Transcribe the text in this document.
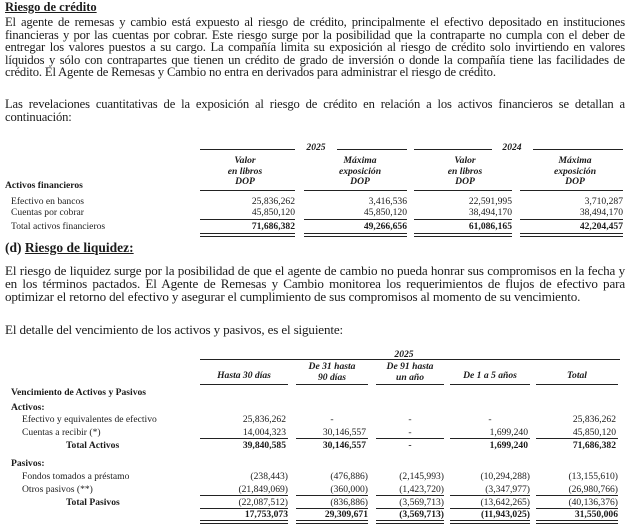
Riesgo de crédito

El agente de remesas y cambio está expuesto al riesgo de crédito, principalmente el efectivo depositado en instituciones financieras y por las cuentas por cobrar. Este riesgo surge por la posibilidad que la contraparte no cumpla con el deber de entregar los valores puestos a su cargo. La compañía limita su exposición al riesgo de crédito solo invirtiendo en valores líquidos y sólo con contrapartes que tienen un crédito de grado de inversión o donde la compañía tiene las facilidades de crédito. El Agente de Remesas y Cambio no entra en derivados para administrar el riesgo de crédito.

Las revelaciones cuantitativas de la exposición al riesgo de crédito en relación a los activos financieros se detallan a continuación:

2025	2024
Valor
en libros
DOP
Máxima
exposición
DOP
Valor
en libros
DOP
Máxima
exposición
DOP
Activos financieros
Efectivo en bancos	25,836,262	3,416,536	22,591,995	3,710,287
Cuentas por cobrar	45,850,120	45,850,120	38,494,170	38,494,170
Total activos financieros	71,686,382	49,266,656	61,086,165	42,204,457
(d) Riesgo de liquidez:

El riesgo de liquidez surge por la posibilidad de que el agente de cambio no pueda honrar sus compromisos en la fecha y en los términos pactados. El Agente de Remesas y Cambio monitorea los requerimientos de flujos de efectivo para optimizar el retorno del efectivo y asegurar el cumplimiento de sus compromisos al momento de su vencimiento.

El detalle del vencimiento de los activos y pasivos, es el siguiente:

2025
Hasta 30 días
De 31 hasta
90 días
De 91 hasta
un año	De 1 a 5 años	Total
Vencimiento de Activos y Pasivos
Activos:
Efectivo y equivalentes de efectivo	25,836,262	-	-	-	25,836,262
Cuentas a recibir (*)	14,004,323	30,146,557	-	1,699,240	45,850,120
Total Activos	39,840,585	30,146,557	-	1,699,240	71,686,382
Pasivos:
Fondos tomados a préstamo	(238,443)	(476,886)	(2,145,993)	(10,294,288)	(13,155,610)
Otros pasivos (**)	(21,849,069)	(360,000)	(1,423,720)	(3,347,977)	(26,980,766)
Total Pasivos	(22,087,512)	(836,886)	(3,569,713)	(13,642,265)	(40,136,376)
17,753,073	29,309,671	(3,569,713)	(11,943,025)	31,550,006
